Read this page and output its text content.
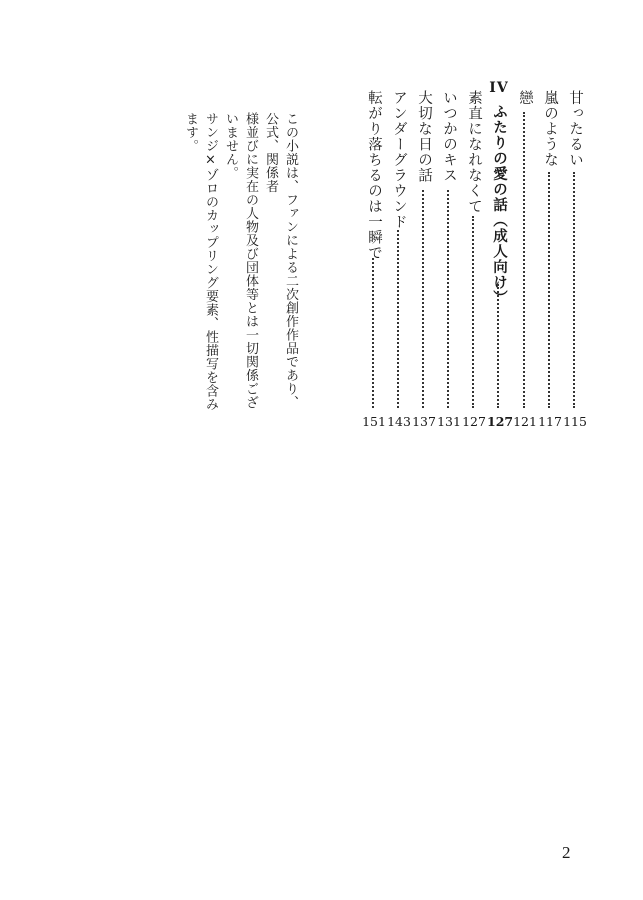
甘ったるい
115
嵐のような
117
戀
121
IVふたりの愛の話（成人向け）
127
素直になれなくて
127
いつかのキス
131
大切な日の話
137
アンダーグラウンド
143
転がり落ちるのは一瞬で
151

この小説は、ファンによる二次創作作品であり、公式、関係者

様並びに実在の人物及び団体等とは一切関係ございません。

サンジ×ゾロのカップリング要素、性描写を含みます。

2
